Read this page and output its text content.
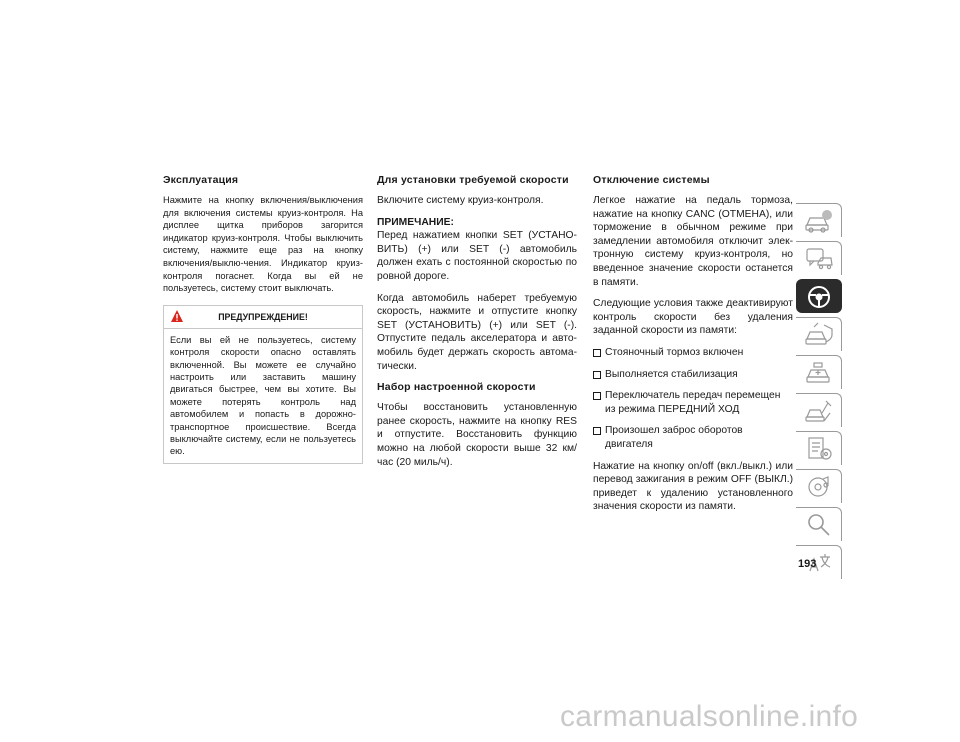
Эксплуатация

Нажмите на кнопку включения/выключения для включения системы круиз-контроля. На дисплее щитка приборов загорится индикатор круиз-контроля. Чтобы выключить систему, нажмите еще раз на кнопку включения/выклю-чения. Индикатор круиз-контроля погаснет. Когда вы ей не пользуетесь, систему стоит выключать.

ПРЕДУПРЕЖДЕНИЕ!
Если вы ей не пользуетесь, систему контроля скорости опасно оставлять включенной. Вы можете ее случайно настроить или заставить машину двигаться быстрее, чем вы хотите. Вы можете потерять контроль над автомобилем и попасть в дорожно-транспортное происшествие. Всегда выключайте систему, если не пользуетесь ею.
Для установки требуемой скорости

Включите систему круиз-контроля.

ПРИМЕЧАНИЕ:
Перед нажатием кнопки SET (УСТАНО-ВИТЬ) (+) или SET (-) автомобиль должен ехать с постоянной скоростью по ровной дороге.

Когда автомобиль наберет требуемую скорость, нажмите и отпустите кнопку SET (УСТАНОВИТЬ) (+) или SET (-). Отпустите педаль акселератора и авто-мобиль будет держать скорость автома-тически.

Набор настроенной скорости

Чтобы восстановить установленную ранее скорость, нажмите на кнопку RES и отпустите. Восстановить функцию можно на любой скорости выше 32 км/час (20 миль/ч).

Отключение системы

Легкое нажатие на педаль тормоза, нажатие на кнопку CANC (ОТМЕНА), или торможение в обычном режиме при замедлении автомобиля отключит элек-тронную систему круиз-контроля, но введенное значение скорости останется в памяти.

Следующие условия также деактивируют контроль скорости без удаления заданной скорости из памяти:

Стояночный тормоз включен
Выполняется стабилизация
Переключатель передач перемещен из режима ПЕРЕДНИЙ ХОД
Произошел заброс оборотов двигателя

Нажатие на кнопку on/off (вкл./выкл.) или перевод зажигания в режим OFF (ВЫКЛ.) приведет к удалению установленного значения скорости из памяти.

193
carmanualsonline.info
